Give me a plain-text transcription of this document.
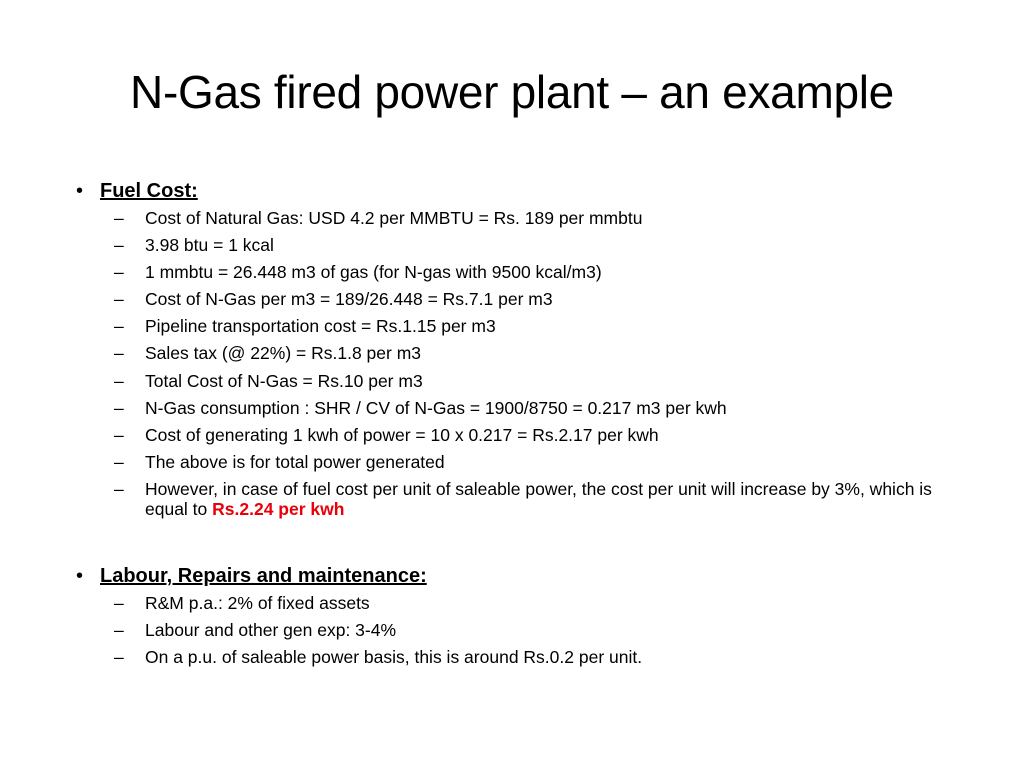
N-Gas fired power plant – an example
• Fuel Cost:
– Cost of Natural Gas: USD 4.2 per MMBTU = Rs. 189 per mmbtu
– 3.98 btu = 1 kcal
– 1 mmbtu = 26.448 m3 of gas (for N-gas with 9500 kcal/m3)
– Cost of N-Gas per m3 = 189/26.448 = Rs.7.1 per m3
– Pipeline transportation cost = Rs.1.15 per m3
– Sales tax (@ 22%) = Rs.1.8 per m3
– Total Cost of N-Gas = Rs.10 per m3
– N-Gas consumption : SHR / CV of N-Gas = 1900/8750 = 0.217 m3 per kwh
– Cost of generating 1 kwh of power = 10 x 0.217 = Rs.2.17 per kwh
– The above is for total power generated
– However, in case of fuel cost per unit of saleable power, the cost per unit will increase by 3%, which is equal to Rs.2.24 per kwh
• Labour, Repairs and maintenance:
– R&M p.a.: 2% of fixed assets
– Labour and other gen exp: 3-4%
– On a p.u. of saleable power basis, this is around Rs.0.2 per unit.
